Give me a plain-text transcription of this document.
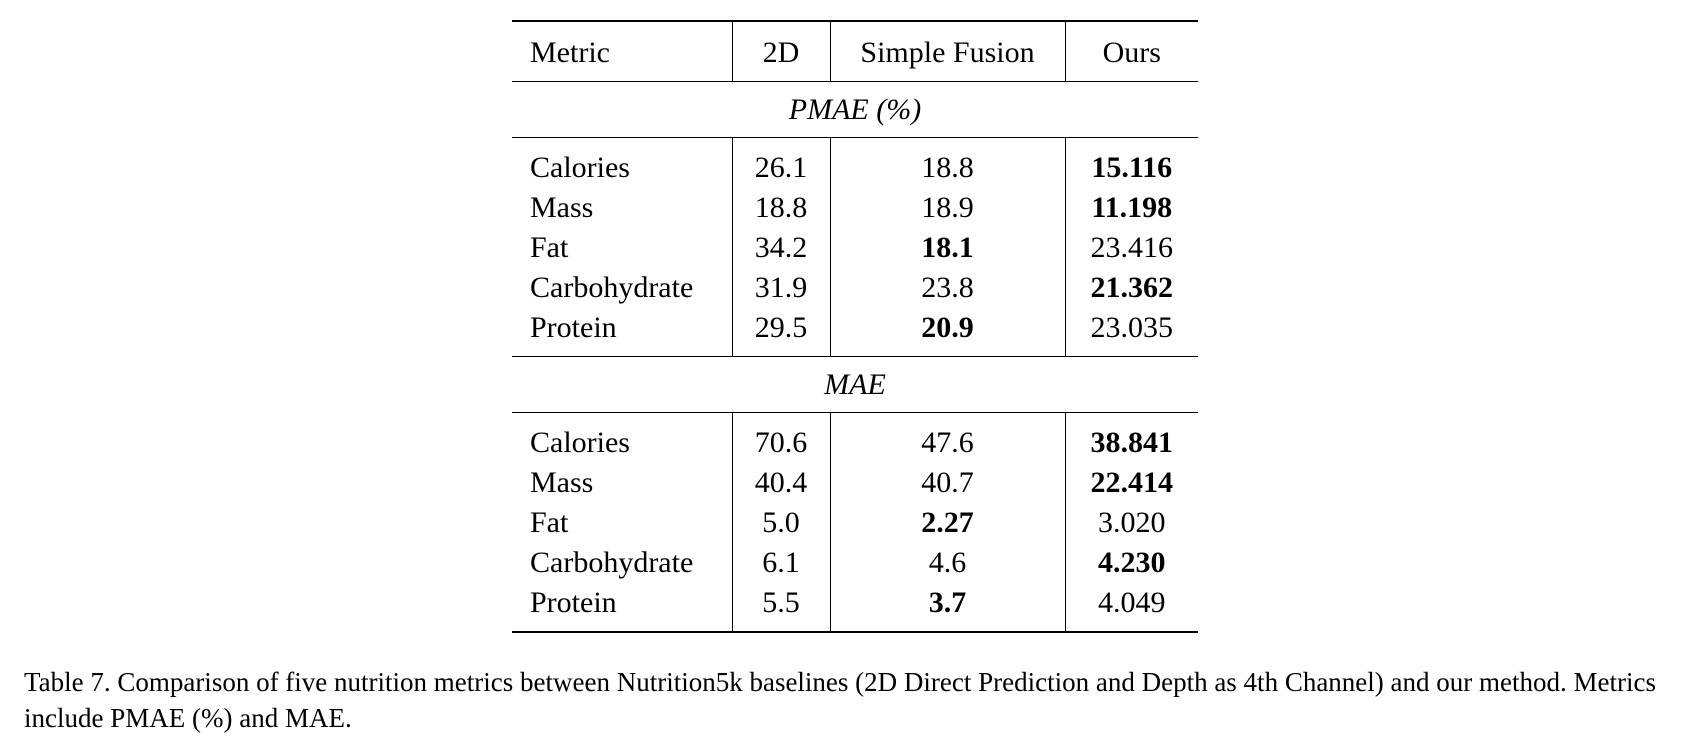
Metric	2D	Simple Fusion	Ours
PMAE (%)			
Calories	26.1	18.8	15.116
Mass	18.8	18.9	11.198
Fat	34.2	18.1	23.416
Carbohydrate	31.9	23.8	21.362
Protein	29.5	20.9	23.035
MAE			
Calories	70.6	47.6	38.841
Mass	40.4	40.7	22.414
Fat	5.0	2.27	3.020
Carbohydrate	6.1	4.6	4.230
Protein	5.5	3.7	4.049
Table 7. Comparison of five nutrition metrics between Nutrition5k baselines (2D Direct Prediction and Depth as 4th Channel) and our method. Metrics include PMAE (%) and MAE.
